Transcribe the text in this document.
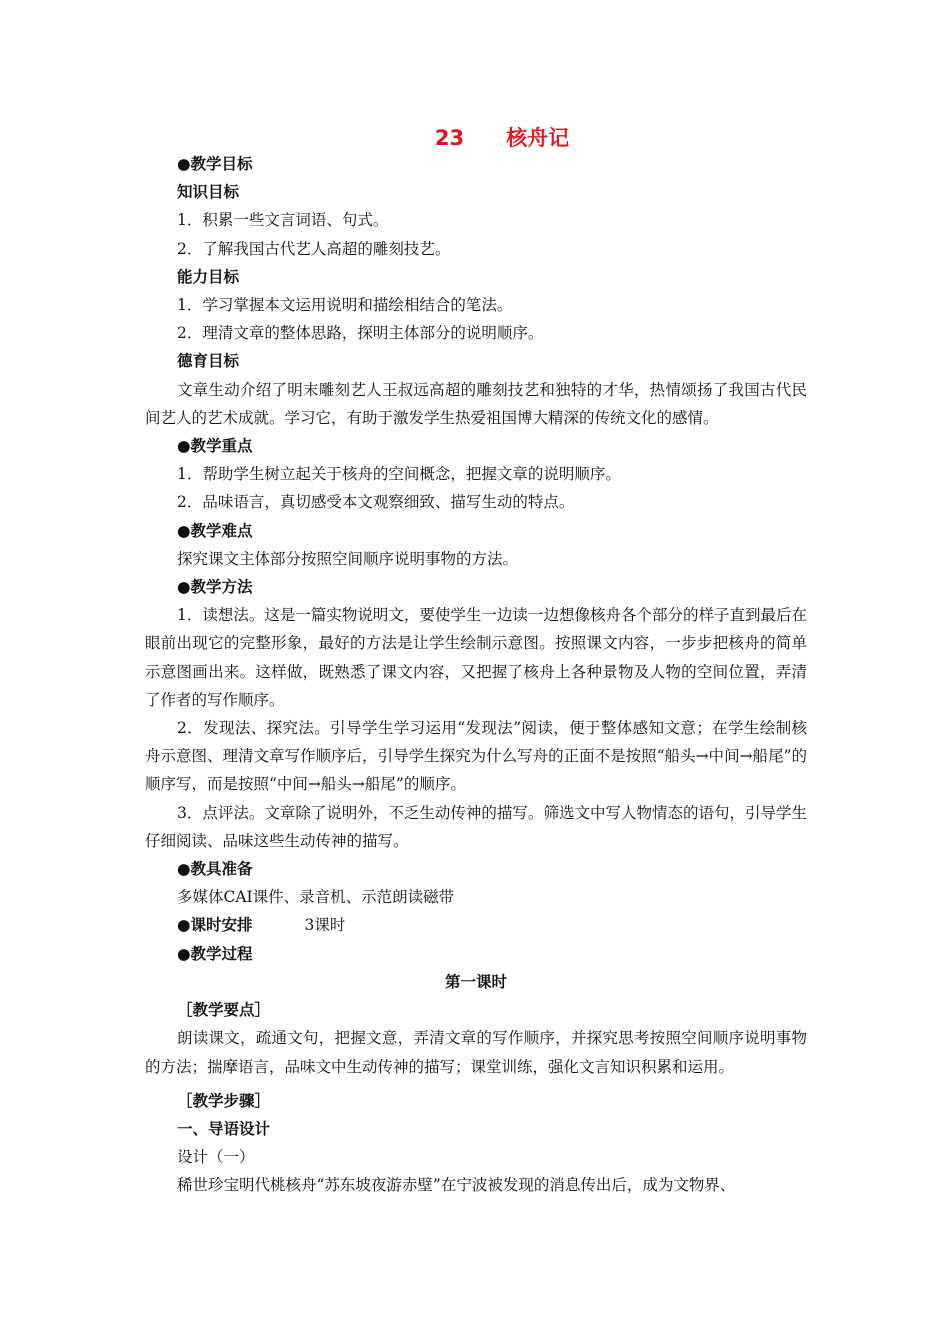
23　　核舟记

●教学目标

知识目标

1．积累一些文言词语、句式。

2．了解我国古代艺人高超的雕刻技艺。

能力目标

1．学习掌握本文运用说明和描绘相结合的笔法。

2．理清文章的整体思路，探明主体部分的说明顺序。

德育目标

文章生动介绍了明末雕刻艺人王叔远高超的雕刻技艺和独特的才华，热情颂扬了我国古代民间艺人的艺术成就。学习它，有助于激发学生热爱祖国博大精深的传统文化的感情。

●教学重点

1．帮助学生树立起关于核舟的空间概念，把握文章的说明顺序。

2．品味语言，真切感受本文观察细致、描写生动的特点。

●教学难点

探究课文主体部分按照空间顺序说明事物的方法。

●教学方法

1．读想法。这是一篇实物说明文，要使学生一边读一边想像核舟各个部分的样子直到最后在眼前出现它的完整形象，最好的方法是让学生绘制示意图。按照课文内容，一步步把核舟的简单示意图画出来。这样做，既熟悉了课文内容，又把握了核舟上各种景物及人物的空间位置，弄清了作者的写作顺序。

2．发现法、探究法。引导学生学习运用“发现法”阅读，便于整体感知文意；在学生绘制核舟示意图、理清文章写作顺序后，引导学生探究为什么写舟的正面不是按照“船头→中间→船尾”的顺序写，而是按照“中间→船头→船尾”的顺序。

3．点评法。文章除了说明外，不乏生动传神的描写。筛选文中写人物情态的语句，引导学生仔细阅读、品味这些生动传神的描写。

●教具准备

多媒体CAI课件、录音机、示范朗读磁带

●课时安排	3课时

●教学过程

第一课时

［教学要点］

朗读课文，疏通文句，把握文意，弄清文章的写作顺序，并探究思考按照空间顺序说明事物的方法；揣摩语言，品味文中生动传神的描写；课堂训练，强化文言知识积累和运用。

［教学步骤］

一、导语设计

设计（一）

稀世珍宝明代桃核舟“苏东坡夜游赤壁”在宁波被发现的消息传出后，成为文物界、
